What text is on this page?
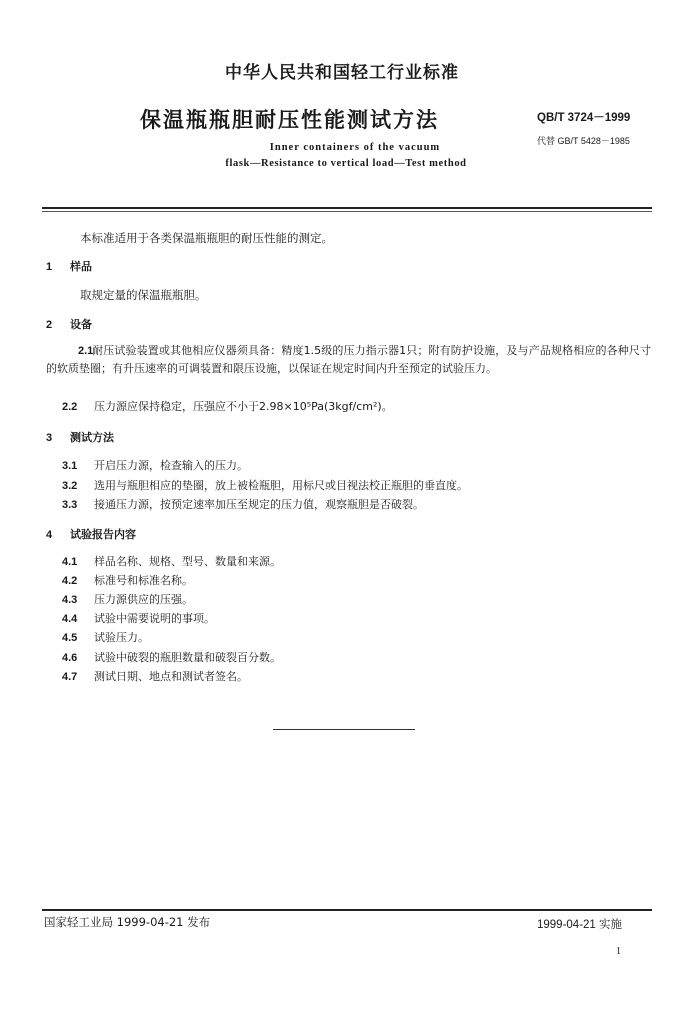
中华人民共和国轻工行业标准
保温瓶瓶胆耐压性能测试方法	QB/T 3724－1999
代替 GB/T 5428－1985
Inner containers of the vacuum
flask—Resistance to vertical load—Test method
本标准适用于各类保温瓶瓶胆的耐压性能的测定。
1 样品
取规定量的保温瓶瓶胆。
2 设备
2.1耐压试验装置或其他相应仪器须具备：精度1.5级的压力指示器1只；附有防护设施，及与产品规格相应的各种尺寸的软质垫圈；有升压速率的可调装置和限压设施，以保证在规定时间内升至预定的试验压力。
2.2 压力源应保持稳定，压强应不小于2.98×10⁵Pa(3kgf/cm²)。
3 测试方法
3.1 开启压力源，检查输入的压力。
3.2 选用与瓶胆相应的垫圈，放上被检瓶胆，用标尺或目视法校正瓶胆的垂直度。
3.3 接通压力源，按预定速率加压至规定的压力值，观察瓶胆是否破裂。
4 试验报告内容
4.1 样品名称、规格、型号、数量和来源。
4.2 标准号和标准名称。
4.3 压力源供应的压强。
4.4 试验中需要说明的事项。
4.5 试验压力。
4.6 试验中破裂的瓶胆数量和破裂百分数。
4.7 测试日期、地点和测试者签名。
国家轻工业局 1999-04-21 发布	1999-04-21 实施
1
